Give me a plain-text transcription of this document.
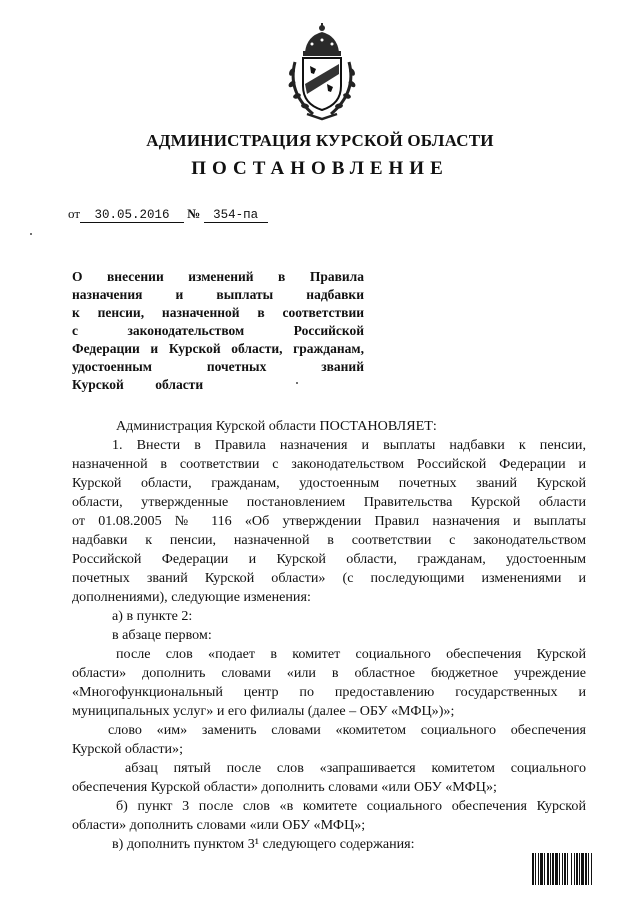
АДМИНИСТРАЦИЯ КУРСКОЙ ОБЛАСТИ
ПОСТАНОВЛЕНИЕ
от 30.05.2016 № 354-па
О внесении изменений в Правила
назначения и выплаты надбавки
к пенсии, назначенной в соответствии
с законодательством Российской
Федерации и Курской области, гражданам,
удостоенным почетных званий
Курской области
Администрация Курской области ПОСТАНОВЛЯЕТ:
1. Внести в Правила назначения и выплаты надбавки к пенсии,
назначенной в соответствии с законодательством Российской Федерации и
Курской области, гражданам, удостоенным почетных званий Курской
области, утвержденные постановлением Правительства Курской области
от 01.08.2005 № 116 «Об утверждении Правил назначения и выплаты
надбавки к пенсии, назначенной в соответствии с законодательством
Российской Федерации и Курской области, гражданам, удостоенным
почетных званий Курской области» (с последующими изменениями и
дополнениями), следующие изменения:
а) в пункте 2:
в абзаце первом:
после слов «подает в комитет социального обеспечения Курской
области» дополнить словами «или в областное бюджетное учреждение
«Многофункциональный центр по предоставлению государственных и
муниципальных услуг» и его филиалы (далее – ОБУ «МФЦ»)»;
слово «им» заменить словами «комитетом социального обеспечения
Курской области»;
абзац пятый после слов «запрашивается комитетом социального
обеспечения Курской области» дополнить словами «или ОБУ «МФЦ»;
б) пункт 3 после слов «в комитете социального обеспечения Курской
области» дополнить словами «или ОБУ «МФЦ»;
в) дополнить пунктом 3¹ следующего содержания:
